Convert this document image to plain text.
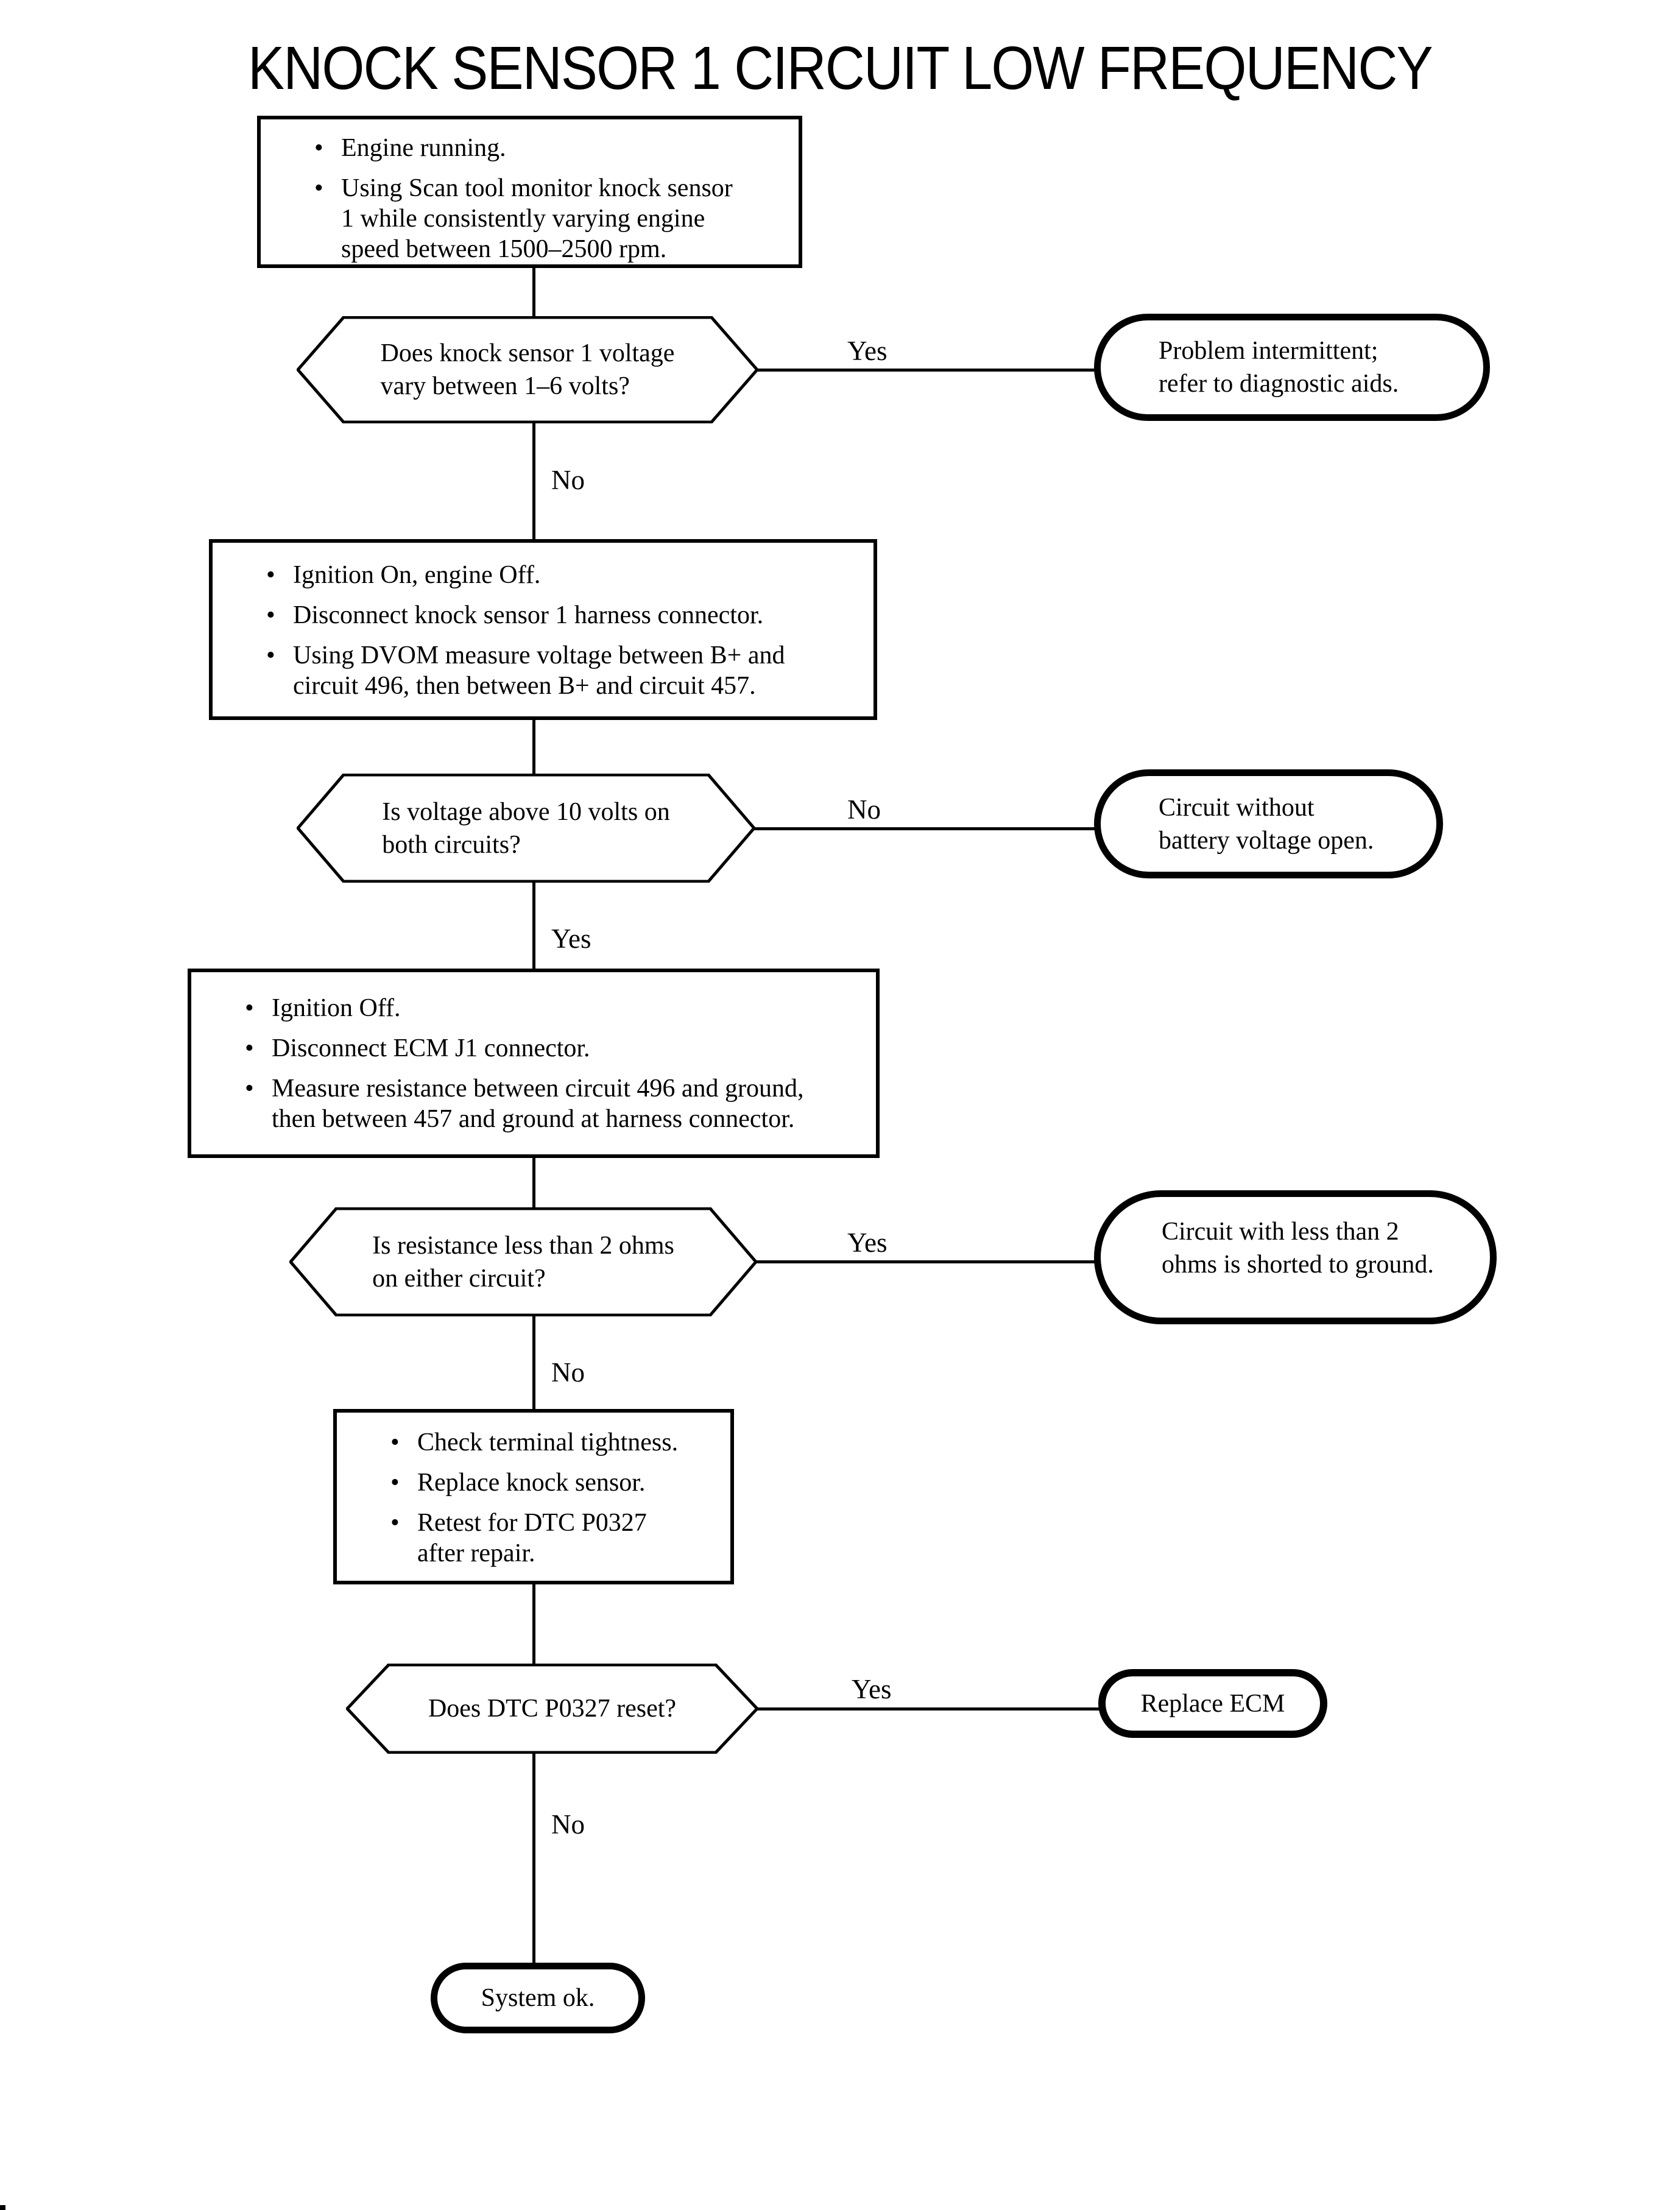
KNOCK SENSOR 1 CIRCUIT LOW FREQUENCY
• Engine running.
• Using Scan tool monitor knock sensor
1 while consistently varying engine
speed between 1500–2500 rpm.
Does knock sensor 1 voltage
vary between 1–6 volts?
Yes	Problem intermittent;
refer to diagnostic aids.
No
• Ignition On, engine Off.
• Disconnect knock sensor 1 harness connector.
• Using DVOM measure voltage between B+ and
circuit 496, then between B+ and circuit 457.
Is voltage above 10 volts on
both circuits?
No	Circuit without
battery voltage open.
Yes
• Ignition Off.
• Disconnect ECM J1 connector.
• Measure resistance between circuit 496 and ground,
then between 457 and ground at harness connector.
Is resistance less than 2 ohms
on either circuit?
Yes	Circuit with less than 2
ohms is shorted to ground.
No
• Check terminal tightness.
• Replace knock sensor.
• Retest for DTC P0327
after repair.
Does DTC P0327 reset?
Yes	Replace ECM
No
System ok.
